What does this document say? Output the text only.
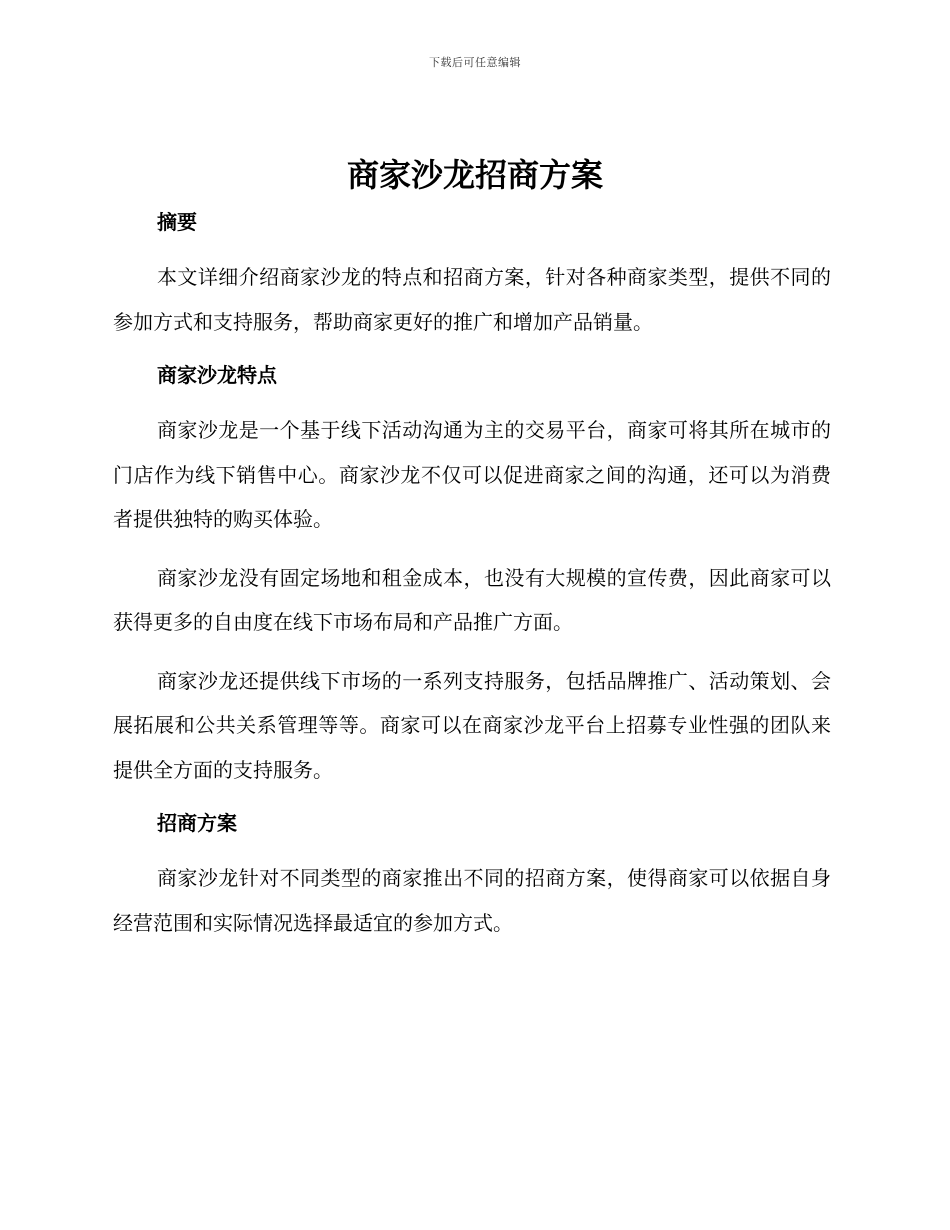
下载后可任意编辑
商家沙龙招商方案
摘要

本文详细介绍商家沙龙的特点和招商方案，针对各种商家类型，提供不同的参加方式和支持服务，帮助商家更好的推广和增加产品销量。

商家沙龙特点

商家沙龙是一个基于线下活动沟通为主的交易平台，商家可将其所在城市的门店作为线下销售中心。商家沙龙不仅可以促进商家之间的沟通，还可以为消费者提供独特的购买体验。

商家沙龙没有固定场地和租金成本，也没有大规模的宣传费，因此商家可以获得更多的自由度在线下市场布局和产品推广方面。

商家沙龙还提供线下市场的一系列支持服务，包括品牌推广、活动策划、会展拓展和公共关系管理等等。商家可以在商家沙龙平台上招募专业性强的团队来提供全方面的支持服务。

招商方案

商家沙龙针对不同类型的商家推出不同的招商方案，使得商家可以依据自身经营范围和实际情况选择最适宜的参加方式。
